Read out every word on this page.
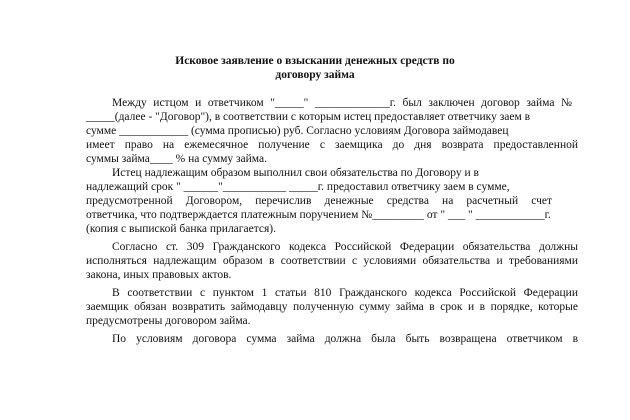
Исковое заявление о взыскании денежных средств по
договору займа
Между истцом и ответчиком "_____" _____________г. был заключен договор займа №
_____(далее - "Договор"), в соответствии с которым истец предоставляет ответчику заем в
сумме ____________ (сумма прописью) руб. Согласно условиям Договора займодавец
имеет право на ежемесячное получение с заемщика до дня возврата предоставленной
суммы займа____ % на сумму займа.
Истец надлежащим образом выполнил свои обязательства по Договору и в
надлежащий срок " ______"___________ _____г. предоставил ответчику заем в сумме,
предусмотренной Договором, перечислив денежные средства на расчетный счет
ответчика, что подтверждается платежным поручением №_________ от " ___ " ____________г.
(копия с выпиской банка прилагается).
Согласно ст. 309 Гражданского кодекса Российской Федерации обязательства должны
исполняться надлежащим образом в соответствии с условиями обязательства и требованиями
закона, иных правовых актов.
В соответствии с пунктом 1 статьи 810 Гражданского кодекса Российской Федерации
заемщик обязан возвратить займодавцу полученную сумму займа в срок и в порядке, которые
предусмотрены договором займа.
По условиям договора сумма займа должна была быть возвращена ответчиком в
